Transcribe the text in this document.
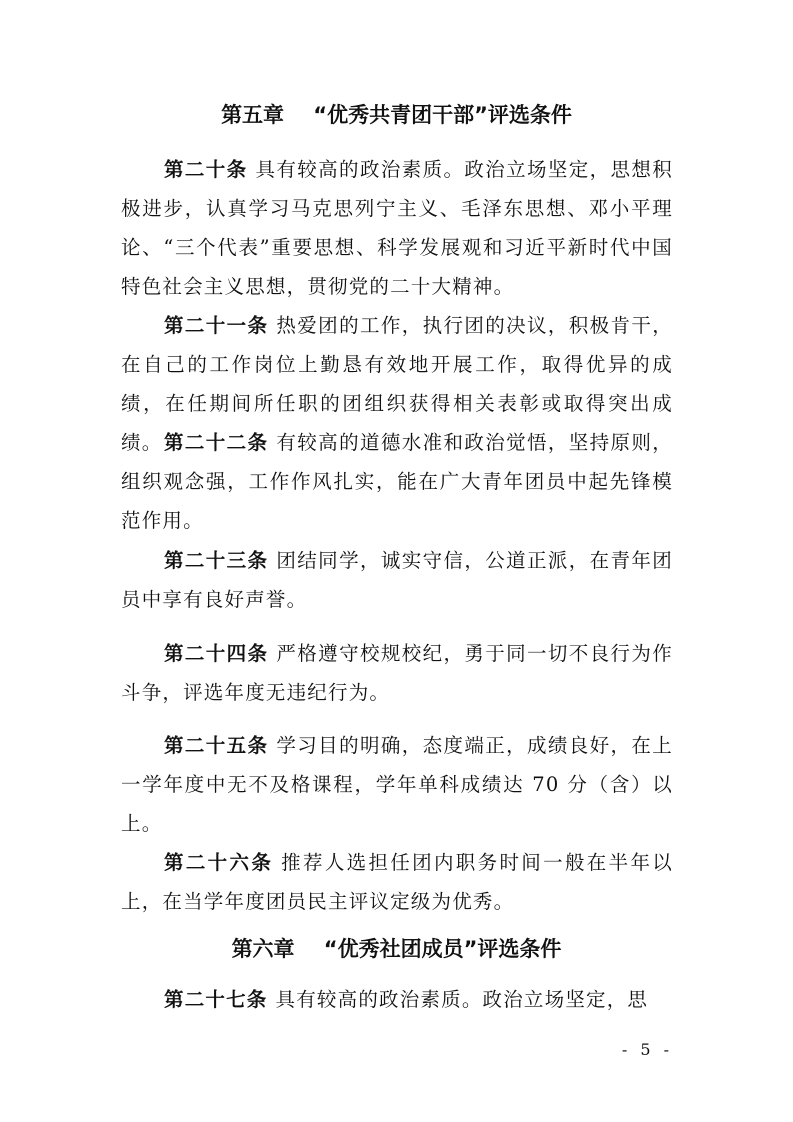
第五章    “优秀共青团干部”评选条件

第二十条 具有较高的政治素质。政治立场坚定，思想积极进步，认真学习马克思列宁主义、毛泽东思想、邓小平理论、“三个代表”重要思想、科学发展观和习近平新时代中国特色社会主义思想，贯彻党的二十大精神。

第二十一条 热爱团的工作，执行团的决议，积极肯干，在自己的工作岗位上勤恳有效地开展工作，取得优异的成绩，在任期间所任职的团组织获得相关表彰或取得突出成绩。 第二十二条 有较高的道德水准和政治觉悟，坚持原则，组织观念强，工作作风扎实，能在广大青年团员中起先锋模范作用。

第二十三条 团结同学，诚实守信，公道正派，在青年团员中享有良好声誉。

第二十四条 严格遵守校规校纪，勇于同一切不良行为作斗争，评选年度无违纪行为。

第二十五条 学习目的明确，态度端正，成绩良好，在上一学年度中无不及格课程，学年单科成绩达 70 分（含）以上。

第二十六条 推荐人选担任团内职务时间一般在半年以上，在当学年度团员民主评议定级为优秀。

第六章    “优秀社团成员”评选条件

第二十七条 具有较高的政治素质。政治立场坚定，思

- 5 -
